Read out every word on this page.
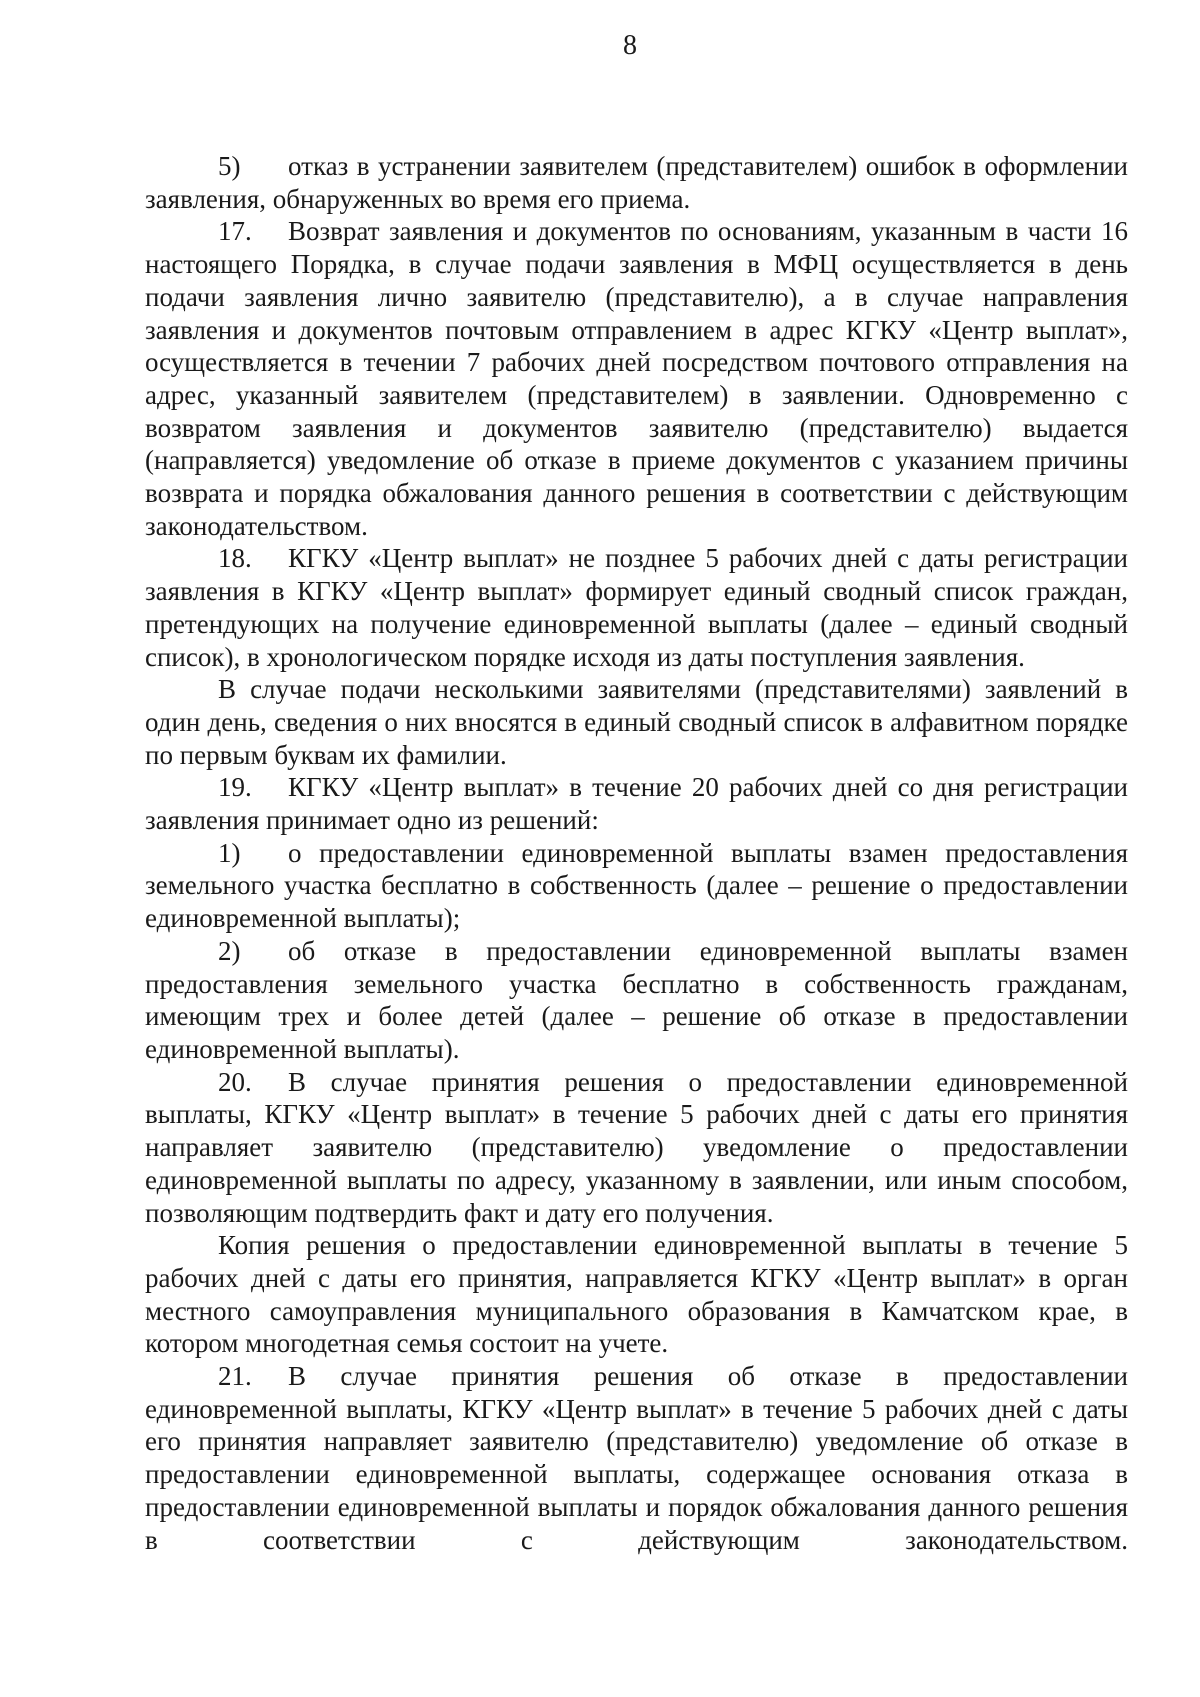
8

5) отказ в устранении заявителем (представителем) ошибок в оформлении заявления, обнаруженных во время его приема.

17. Возврат заявления и документов по основаниям, указанным в части 16 настоящего Порядка, в случае подачи заявления в МФЦ осуществляется в день подачи заявления лично заявителю (представителю), а в случае направления заявления и документов почтовым отправлением в адрес КГКУ «Центр выплат», осуществляется в течении 7 рабочих дней посредством почтового отправления на адрес, указанный заявителем (представителем) в заявлении. Одновременно с возвратом заявления и документов заявителю (представителю) выдается (направляется) уведомление об отказе в приеме документов с указанием причины возврата и порядка обжалования данного решения в соответствии с действующим законодательством.

18. КГКУ «Центр выплат» не позднее 5 рабочих дней с даты регистрации заявления в КГКУ «Центр выплат» формирует единый сводный список граждан, претендующих на получение единовременной выплаты (далее – единый сводный список), в хронологическом порядке исходя из даты поступления заявления.

В случае подачи несколькими заявителями (представителями) заявлений в один день, сведения о них вносятся в единый сводный список в алфавитном порядке по первым буквам их фамилии.

19. КГКУ «Центр выплат» в течение 20 рабочих дней со дня регистрации заявления принимает одно из решений:

1) о предоставлении единовременной выплаты взамен предоставления земельного участка бесплатно в собственность (далее – решение о предоставлении единовременной выплаты);

2) об отказе в предоставлении единовременной выплаты взамен предоставления земельного участка бесплатно в собственность гражданам, имеющим трех и более детей (далее – решение об отказе в предоставлении единовременной выплаты).

20. В случае принятия решения о предоставлении единовременной выплаты, КГКУ «Центр выплат» в течение 5 рабочих дней с даты его принятия направляет заявителю (представителю) уведомление о предоставлении единовременной выплаты по адресу, указанному в заявлении, или иным способом, позволяющим подтвердить факт и дату его получения.

Копия решения о предоставлении единовременной выплаты в течение 5 рабочих дней с даты его принятия, направляется КГКУ «Центр выплат» в орган местного самоуправления муниципального образования в Камчатском крае, в котором многодетная семья состоит на учете.

21. В случае принятия решения об отказе в предоставлении единовременной выплаты, КГКУ «Центр выплат» в течение 5 рабочих дней с даты его принятия направляет заявителю (представителю) уведомление об отказе в предоставлении единовременной выплаты, содержащее основания отказа в предоставлении единовременной выплаты и порядок обжалования данного решения в соответствии с действующим законодательством.
